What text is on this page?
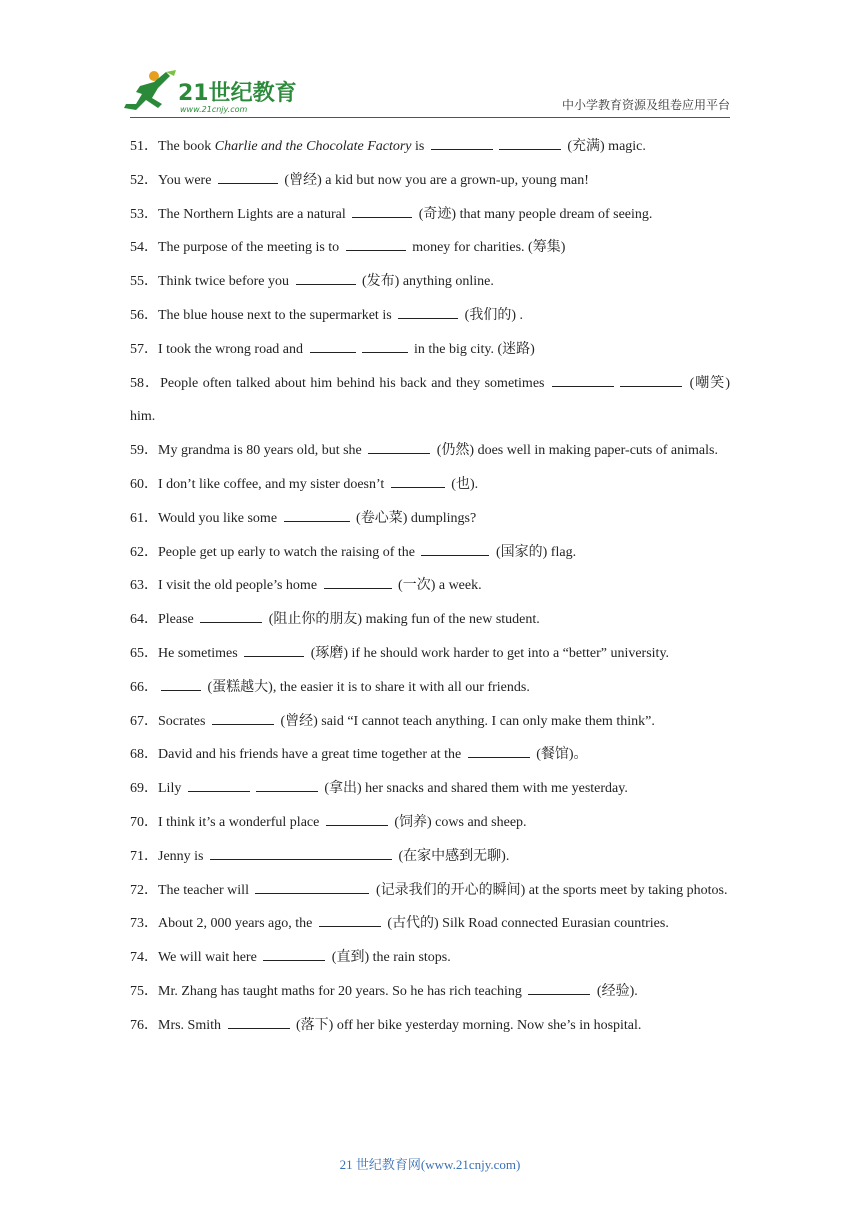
21世纪教育
www.21cnjy.com	中小学教育资源及组卷应用平台
51．The book Charlie and the Chocolate Factory is	(充满) magic.
52．You were	(曾经) a kid but now you are a grown-up, young man!
53．The Northern Lights are a natural	(奇迹) that many people dream of seeing.
54．The purpose of the meeting is to	money for charities. (筹集)
55．Think twice before you	(发布) anything online.
56．The blue house next to the supermarket is	(我们的) .
57．I took the wrong road and	in the big city. (迷路)
58．People often talked about him behind his back and they sometimes	(嘲笑) him.
59．My grandma is 80 years old, but she	(仍然) does well in making paper-cuts of animals.
60．I don’t like coffee, and my sister doesn’t	(也).
61．Would you like some	(卷心菜) dumplings?
62．People get up early to watch the raising of the	(国家的) flag.
63．I visit the old people’s home	(一次) a week.
64．Please	(阻止你的朋友) making fun of the new student.
65．He sometimes	(琢磨) if he should work harder to get into a “better” university.
66．	(蛋糕越大), the easier it is to share it with all our friends.
67．Socrates	(曾经) said “I cannot teach anything. I can only make them think”.
68．David and his friends have a great time together at the	(餐馆)。
69．Lily	(拿出) her snacks and shared them with me yesterday.
70．I think it’s a wonderful place	(饲养) cows and sheep.
71．Jenny is	(在家中感到无聊).
72．The teacher will	(记录我们的开心的瞬间) at the sports meet by taking photos.
73．About 2, 000 years ago, the	(古代的) Silk Road connected Eurasian countries.
74．We will wait here	(直到) the rain stops.
75．Mr. Zhang has taught maths for 20 years. So he has rich teaching	(经验).
76．Mrs. Smith	(落下) off her bike yesterday morning. Now she’s in hospital.
21 世纪教育网(www.21cnjy.com)
